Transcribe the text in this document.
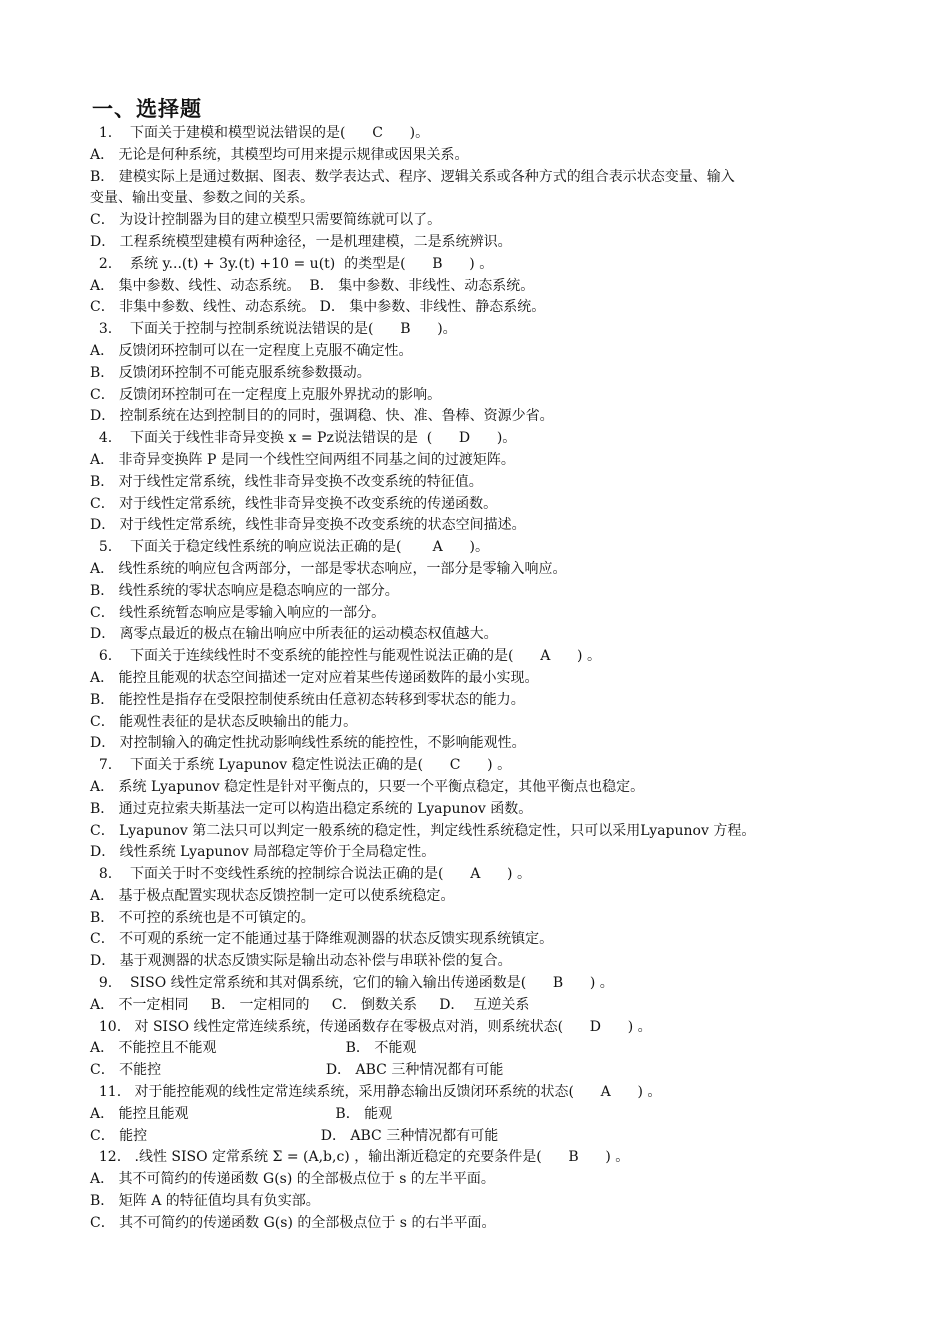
一、选择题
1.    下面关于建模和模型说法错误的是(      C      )。
A． 无论是何种系统，其模型均可用来提示规律或因果关系。
B． 建模实际上是通过数据、图表、数学表达式、程序、逻辑关系或各种方式的组合表示状态变量、输入
变量、输出变量、参数之间的关系。
C． 为设计控制器为目的建立模型只需要简练就可以了。
D． 工程系统模型建模有两种途径，一是机理建模，二是系统辨识。
2.    系统 y...(t) + 3y.(t) +10 = u(t)  的类型是(      B      ) 。
A． 集中参数、线性、动态系统。  B． 集中参数、非线性、动态系统。
C． 非集中参数、线性、动态系统。 D． 集中参数、非线性、静态系统。
3.    下面关于控制与控制系统说法错误的是(      B      )。
A． 反馈闭环控制可以在一定程度上克服不确定性。
B． 反馈闭环控制不可能克服系统参数摄动。
C． 反馈闭环控制可在一定程度上克服外界扰动的影响。
D． 控制系统在达到控制目的的同时，强调稳、快、准、鲁棒、资源少省。
4.    下面关于线性非奇异变换 x = Pz说法错误的是  (      D      )。
A． 非奇异变换阵 P 是同一个线性空间两组不同基之间的过渡矩阵。
B． 对于线性定常系统，线性非奇异变换不改变系统的特征值。
C． 对于线性定常系统，线性非奇异变换不改变系统的传递函数。
D． 对于线性定常系统，线性非奇异变换不改变系统的状态空间描述。
5.    下面关于稳定线性系统的响应说法正确的是(       A      )。
A． 线性系统的响应包含两部分，一部是零状态响应，一部分是零输入响应。
B． 线性系统的零状态响应是稳态响应的一部分。
C． 线性系统暂态响应是零输入响应的一部分。
D． 离零点最近的极点在输出响应中所表征的运动模态权值越大。
6.    下面关于连续线性时不变系统的能控性与能观性说法正确的是(      A      ) 。
A． 能控且能观的状态空间描述一定对应着某些传递函数阵的最小实现。
B． 能控性是指存在受限控制使系统由任意初态转移到零状态的能力。
C． 能观性表征的是状态反映输出的能力。
D． 对控制输入的确定性扰动影响线性系统的能控性，不影响能观性。
7.    下面关于系统 Lyapunov 稳定性说法正确的是(      C      ) 。
A． 系统 Lyapunov 稳定性是针对平衡点的，只要一个平衡点稳定，其他平衡点也稳定。
B． 通过克拉索夫斯基法一定可以构造出稳定系统的 Lyapunov 函数。
C． Lyapunov 第二法只可以判定一般系统的稳定性，判定线性系统稳定性，只可以采用Lyapunov 方程。
D． 线性系统 Lyapunov 局部稳定等价于全局稳定性。
8.    下面关于时不变线性系统的控制综合说法正确的是(      A      ) 。
A． 基于极点配置实现状态反馈控制一定可以使系统稳定。
B． 不可控的系统也是不可镇定的。
C． 不可观的系统一定不能通过基于降维观测器的状态反馈实现系统镇定。
D． 基于观测器的状态反馈实际是输出动态补偿与串联补偿的复合。
9.    SISO 线性定常系统和其对偶系统，它们的输入输出传递函数是(      B      ) 。
A． 不一定相同     B． 一定相同的     C． 倒数关系     D．  互逆关系
10.   对 SISO 线性定常连续系统，传递函数存在零极点对消，则系统状态(      D      ) 。
A． 不能控且不能观                             B． 不能观
C． 不能控                                     D． ABC 三种情况都有可能
11.   对于能控能观的线性定常连续系统，采用静态输出反馈闭环系统的状态(      A      ) 。
A． 能控且能观                                 B． 能观
C． 能控                                       D． ABC 三种情况都有可能
12.   .线性 SISO 定常系统 Σ = (A,b,c) ，输出渐近稳定的充要条件是(      B      ) 。
A． 其不可简约的传递函数 G(s) 的全部极点位于 s 的左半平面。
B． 矩阵 A 的特征值均具有负实部。
C． 其不可简约的传递函数 G(s) 的全部极点位于 s 的右半平面。
